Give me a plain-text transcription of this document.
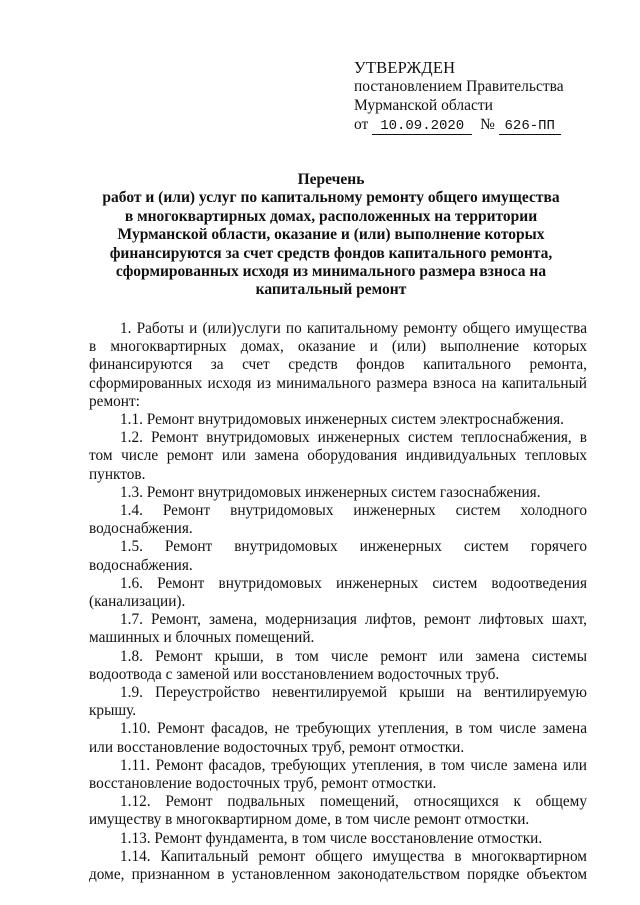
УТВЕРЖДЕН
постановлением Правительства
Мурманской области
от 10.09.2020 № 626-ПП
Перечень
работ и (или) услуг по капитальному ремонту общего имущества
в многоквартирных домах, расположенных на территории
Мурманской области, оказание и (или) выполнение которых
финансируются за счет средств фондов капитального ремонта,
сформированных исходя из минимального размера взноса на
капитальный ремонт

1. Работы и (или)услуги по капитальному ремонту общего имущества в многоквартирных домах, оказание и (или) выполнение которых финансируются за счет средств фондов капитального ремонта, сформированных исходя из минимального размера взноса на капитальный ремонт:

1.1. Ремонт внутридомовых инженерных систем электроснабжения.

1.2. Ремонт внутридомовых инженерных систем теплоснабжения, в том числе ремонт или замена оборудования индивидуальных тепловых пунктов.

1.3. Ремонт внутридомовых инженерных систем газоснабжения.

1.4. Ремонт внутридомовых инженерных систем холодного водоснабжения.

1.5. Ремонт внутридомовых инженерных систем горячего водоснабжения.

1.6. Ремонт внутридомовых инженерных систем водоотведения (канализации).

1.7. Ремонт, замена, модернизация лифтов, ремонт лифтовых шахт, машинных и блочных помещений.

1.8. Ремонт крыши, в том числе ремонт или замена системы водоотвода с заменой или восстановлением водосточных труб.

1.9. Переустройство невентилируемой крыши на вентилируемую крышу.

1.10. Ремонт фасадов, не требующих утепления, в том числе замена или восстановление водосточных труб, ремонт отмостки.

1.11. Ремонт фасадов, требующих утепления, в том числе замена или восстановление водосточных труб, ремонт отмостки.

1.12. Ремонт подвальных помещений, относящихся к общему имуществу в многоквартирном доме, в том числе ремонт отмостки.

1.13. Ремонт фундамента, в том числе восстановление отмостки.

1.14. Капитальный ремонт общего имущества в многоквартирном доме, признанном в установленном законодательством порядке объектом
